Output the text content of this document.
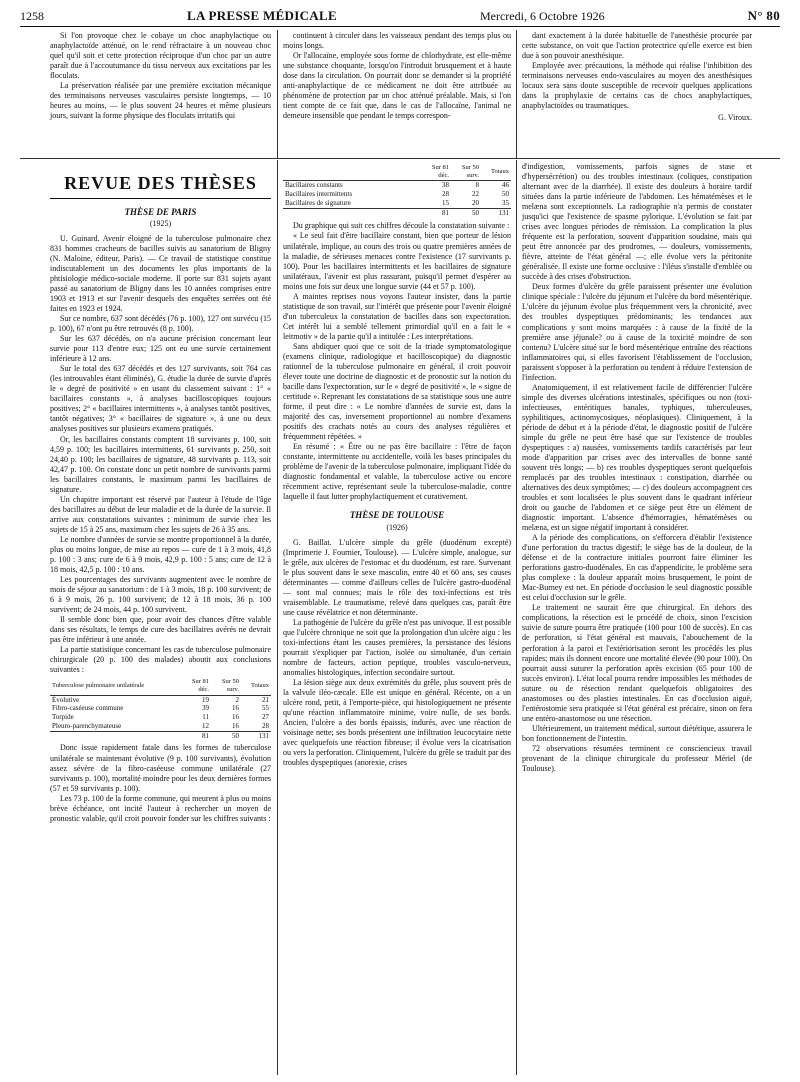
1258	LA PRESSE MÉDICALE	Mercredi, 6 Octobre 1926	N° 80

Si l'on provoque chez le cobaye un choc anaphylactique ou anaphylactoïde atténué, on le rend réfractaire à un nouveau choc quel qu'il soit et cette protection réciproque d'un choc par un autre paraît due à l'accoutumance du tissu nerveux aux excitations par les floculats.

La préservation réalisée par une première excitation mécanique des terminaisons nerveuses vasculaires persiste longtemps, — 10 heures au moins, — le plus souvent 24 heures et même plusieurs jours, suivant la forme physique des floculats irritatifs qui

continuent à circuler dans les vaisseaux pendant des temps plus ou moins longs.

Or l'allocaïne, employée sous forme de chlorhydrate, est elle-même une substance choquante, lorsqu'on l'introduit brusquement et à haute dose dans la circulation. On pourrait donc se demander si la propriété anti-anaphylactique de ce médicament ne doit être attribuée au phénomène de protection par un choc atténué préalable. Mais, si l'on tient compte de ce fait que, dans le cas de l'allocaïne, l'animal ne demeure insensible que pendant le temps correspon-

dant exactement à la durée habituelle de l'anesthésie procurée par cette substance, on voit que l'action protectrice qu'elle exerce est bien due à son pouvoir anesthésique.

Employée avec précautions, la méthode qui réalise l'inhibition des terminaisons nerveuses endo-vasculaires au moyen des anesthésiques locaux sera sans doute susceptible de recevoir quelques applications dans la prophylaxie de certains cas de chocs anaphylactiques, anaphylactoïdes ou traumatiques.

G. Viroux.
REVUE DES THÈSES
THÈSE DE PARIS
(1925)

U. Guinard. Avenir éloigné de la tuberculose pulmonaire chez 831 hommes cracheurs de bacilles suivis au sanatorium de Bligny (N. Maloine, éditeur, Paris). — Ce travail de statistique constitue indiscutablement un des documents les plus importants de la phtisiologie médico-sociale moderne. Il porte sur 831 sujets ayant passé au sanatorium de Bligny dans les 10 années comprises entre 1903 et 1913 et sur l'avenir desquels des enquêtes serrées ont été faites en 1923 et 1924.

Sur ce nombre, 637 sont décédés (76 p. 100), 127 ont survécu (15 p. 100), 67 n'ont pu être retrouvés (8 p. 100).

Sur les 637 décédés, on n'a aucune précision concernant leur survie pour 113 d'entre eux; 125 ont eu une survie certainement inférieure à 12 ans.

Sur le total des 637 décédés et des 127 survivants, soit 764 cas (les introuvables étant éliminés), G. étudie la durée de survie d'après le « degré de positivité » en usant du classement suivant : 1° « bacillaires constants », à analyses bacilloscopiques toujours positives; 2° « bacillaires intermittents », à analyses tantôt positives, tantôt négatives; 3° « bacillaires de signature », à une ou deux analyses positives sur plusieurs examens pratiqués.

Or, les bacillaires constants comptent 18 survivants p. 100, soit 4,59 p. 100; les bacillaires intermittents, 61 survivants p. 250, soit 24,40 p. 100; les bacillaires de signature, 48 survivants p. 113, soit 42,47 p. 100. On constate donc un petit nombre de survivants parmi les bacillaires constants, le maximum parmi les bacillaires de signature.

Un chapitre important est réservé par l'auteur à l'étude de l'âge des bacillaires au début de leur maladie et de la durée de la survie. Il arrive aux constatations suivantes : minimum de survie chez les sujets de 15 à 25 ans, maximum chez les sujets de 26 à 35 ans.

Le nombre d'années de survie se montre proportionnel à la durée, plus ou moins longue, de mise au repos — cure de 1 à 3 mois, 41,8 p. 100 : 3 ans; cure de 6 à 9 mois, 42,9 p. 100 : 5 ans; cure de 12 à 18 mois, 42,5 p. 100 : 10 ans.

Les pourcentages des survivants augmentent avec le nombre de mois de séjour au sanatorium : de 1 à 3 mois, 18 p. 100 survivent; de 6 à 9 mois, 26 p. 100 survivent; de 12 à 18 mois, 36 p. 100 survivent; de 24 mois, 44 p. 100 survivent.

Il semble donc bien que, pour avoir des chances d'être valable dans ses résultats, le temps de cure des bacillaires avérés ne devrait pas être inférieur à une année.

La partie statistique concernant les cas de tuberculose pulmonaire chirurgicale (20 p. 100 des malades) aboutit aux conclusions suivantes :

Tuberculose pulmonaire unilatérale	Sur 81 déc.	Sur 50 surv.	Totaux
Évolutive	19	2	21
Fibro-caséeuse commune	39	16	55
Torpide	11	16	27
Pleuro-parenchymateuse	12	16	28
	81	50	131

Donc issue rapidement fatale dans les formes de tuberculose unilatérale se maintenant évolutive (9 p. 100 survivants), évolution assez sévère de la fibro-caséeuse commune unilatérale (27 survivants p. 100), mortalité moindre pour les deux dernières formes (57 et 59 survivants p. 100).

Les 73 p. 100 de la forme commune, qui meurent à plus ou moins brève échéance, ont incité l'auteur à rechercher un moyen de pronostic valable, qu'il croit pouvoir fonder sur les chiffres suivants :

	Sur 81 déc.	Sur 50 surv.	Totaux
Bacillaires constants	38	8	46
Bacillaires intermittents	28	22	50
Bacillaires de signature	15	20	35
	81	50	131

Du graphique qui suit ces chiffres découle la constatation suivante :

« Le seul fait d'être bacillaire constant, bien que porteur de lésion unilatérale, implique, au cours des trois ou quatre premières années de la maladie, de sérieuses menaces contre l'existence (17 survivants p. 100). Pour les bacillaires intermittents et les bacillaires de signature unilatéraux, l'avenir est plus rassurant, puisqu'il permet d'espérer au moins une fois sur deux une longue survie (44 et 57 p. 100).

A maintes reprises nous voyons l'auteur insister, dans la partie statistique de son travail, sur l'intérêt que présente pour l'avenir éloigné d'un tuberculeux la constatation de bacilles dans son expectoration. Cet intérêt lui a semblé tellement primordial qu'il en a fait le « leitmotiv » de la partie qu'il a intitulée : Les interprétations.

Sans abdiquer quoi que ce soit de la triade symptomatologique (examens clinique, radiologique et bacilloscopique) du diagnostic rationnel de la tuberculose pulmonaire en général, il croit pouvoir élever toute une doctrine de diagnostic et de pronostic sur la notion du bacille dans l'expectoration, sur le « degré de positivité », le « signe de certitude ». Reprenant les constatations de sa statistique sous une autre forme, il peut dire : « Le nombre d'années de survie est, dans la majorité des cas, inversement proportionnel au nombre d'examens positifs des crachats notés au cours des analyses régulières et fréquemment répétées. »

En résumé : « Être ou ne pas être bacillaire : l'être de façon constante, intermittente ou accidentelle, voilà les bases principales du problème de l'avenir de la tuberculose pulmonaire, impliquant l'idée du diagnostic fondamental et valable, la tuberculose active ou encore récemment active, représentant seule la tuberculose-maladie, contre laquelle il faut lutter prophylactiquement et curativement.

THÈSE DE TOULOUSE
(1926)

G. Baillat. L'ulcère simple du grêle (duodénum excepté) (Imprimerie J. Fournier, Toulouse). — L'ulcère simple, analogue, sur le grêle, aux ulcères de l'estomac et du duodénum, est rare. Survenant le plus souvent dans le sexe masculin, entre 40 et 60 ans, ses causes déterminantes — comme d'ailleurs celles de l'ulcère gastro-duodénal — sont mal connues; mais le rôle des toxi-infections est très vraisemblable. Le traumatisme, relevé dans quelques cas, paraît être une cause révélatrice et non déterminante.

La pathogénie de l'ulcère du grêle n'est pas univoque. Il est possible que l'ulcère chronique ne soit que la prolongation d'un ulcère aigu : les toxi-infections étant les causes premières, la persistance des lésions pourrait s'expliquer par l'action, isolée ou simultanée, d'un certain nombre de facteurs, action peptique, troubles vasculo-nerveux, anomalies histologiques, infection secondaire surtout.

La lésion siège aux deux extrémités du grêle, plus souvent près de la valvule iléo-cæcale. Elle est unique en général. Récente, on a un ulcère rond, petit, à l'emporte-pièce, qui histologiquement ne présente qu'une réaction inflammatoire minime, voire nulle, de ses bords. Ancien, l'ulcère a des bords épaissis, indurés, avec une réaction de voisinage nette; ses bords présentent une infiltration leucocytaire nette avec quelquefois une réaction fibreuse; il évolue vers la cicatrisation ou vers la perforation. Cliniquement, l'ulcère du grêle se traduit par des troubles dyspeptiques (anorexie, crises

d'indigestion, vomissements, parfois signes de stase et d'hypersécrétion) ou des troubles intestinaux (coliques, constipation alternant avec de la diarrhée). Il existe des douleurs à horaire tardif situées dans la partie inférieure de l'abdomen. Les hématémèses et le melæna sont exceptionnels. La radiographie n'a permis de constater jusqu'ici que l'existence de spasme pylorique. L'évolution se fait par crises avec longues périodes de rémission. La complication la plus fréquente est la perforation, souvent d'apparition soudaine, mais qui peut être annoncée par des prodromes, — douleurs, vomissements, fièvre, atteinte de l'état général —; elle évolue vers la péritonite généralisée. Il existe une forme occlusive : l'iléus s'installe d'emblée ou succède à des crises d'obstruction.

Deux formes d'ulcère du grêle paraissent présenter une évolution clinique spéciale : l'ulcère du jéjunum et l'ulcère du bord mésentérique. L'ulcère du jéjunum évolue plus fréquemment vers la chronicité, avec des troubles dyspeptiques prédominants; les tendances aux complications y sont moins marquées : à cause de la fixité de la première anse jéjunale? ou à cause de la toxicité moindre de son contenu? L'ulcère situé sur le bord mésentérique entraîne des réactions inflammatoires qui, si elles favorisent l'établissement de l'occlusion, paraissent s'opposer à la perforation ou tendent à réduire l'extension de l'infection.

Anatomiquement, il est relativement facile de différencier l'ulcère simple des diverses ulcérations intestinales, spécifiques ou non (toxi-infectieuses, entéritiques banales, typhiques, tuberculeuses, syphilitiques, actinomycosiques, néoplasiques). Cliniquement, à la période de début et à la période d'état, le diagnostic positif de l'ulcère simple du grêle ne peut être basé que sur l'existence de troubles dyspeptiques : a) nausées, vomissements tardifs caractérisés par leur mode d'apparition par crises avec des intervalles de bonne santé souvent très longs; — b) ces troubles dyspeptiques seront quelquefois remplacés par des troubles intestinaux : constipation, diarrhée ou alternatives des deux symptômes; — c) des douleurs accompagnent ces troubles et sont localisées le plus souvent dans le quadrant inférieur droit ou gauche de l'abdomen et ce siège peut être un élément de diagnostic important. L'absence d'hémorragies, hématémèses ou melæna, est un signe négatif important à considérer.

A la période des complications, on s'efforcera d'établir l'existence d'une perforation du tractus digestif; le siège bas de la douleur, de la défense et de la contracture initiales pourront faire éliminer les perforations gastro-duodénales. En cas d'appendicite, le problème sera plus complexe : la douleur apparaît moins brusquement, le point de Mac-Burney est net. En période d'occlusion le seul diagnostic possible est celui d'occlusion sur le grêle.

Le traitement ne saurait être que chirurgical. En dehors des complications, la résection est le procédé de choix, sinon l'excision suivie de suture pourra être pratiquée (100 pour 100 de succès). En cas de perforation, si l'état général est mauvais, l'abouchement de la perforation à la paroi et l'extériorisation seront les procédés les plus rapides; mais ils donnent encore une mortalité élevée (90 pour 100). On pourrait aussi suturer la perforation après excision (65 pour 100 de succès environ). L'état local pourra rendre impossibles les méthodes de suture ou de résection rendant quelquefois obligatoires des anastomoses ou des plasties intestinales. En cas d'occlusion aiguë, l'entérostomie sera pratiquée si l'état général est précaire, sinon on fera une entéro-anastomose ou une résection.

Ultérieurement, un traitement médical, surtout diététique, assurera le bon fonctionnement de l'intestin.

72 observations résumées terminent ce consciencieux travail provenant de la clinique chirurgicale du professeur Mériel (de Toulouse).
